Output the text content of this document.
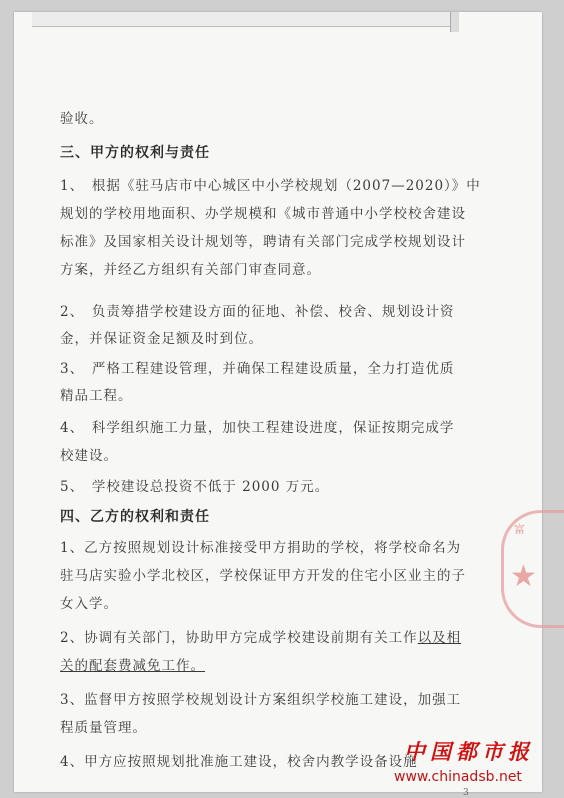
验收。
三、甲方的权利与责任
1、　根据《驻马店市中心城区中小学校规划（2007—2020）》中
规划的学校用地面积、办学规模和《城市普通中小学校校舍建设
标准》及国家相关设计规划等，聘请有关部门完成学校规划设计
方案，并经乙方组织有关部门审查同意。
2、　负责筹措学校建设方面的征地、补偿、校舍、规划设计资
金，并保证资金足额及时到位。
3、　严格工程建设管理，并确保工程建设质量，全力打造优质
精品工程。
4、　科学组织施工力量，加快工程建设进度，保证按期完成学
校建设。
5、　学校建设总投资不低于 2000 万元。
四、乙方的权利和责任
1、乙方按照规划设计标准接受甲方捐助的学校，将学校命名为
驻马店实验小学北校区，学校保证甲方开发的住宅小区业主的子
女入学。
2、协调有关部门，协助甲方完成学校建设前期有关工作以及相
关的配套费减免工作。
3、监督甲方按照学校规划设计方案组织学校施工建设，加强工
程质量管理。
4、甲方应按照规划批准施工建设，校舍内教学设备设施
富
★
中国都市报
www.chinadsb.net
3
